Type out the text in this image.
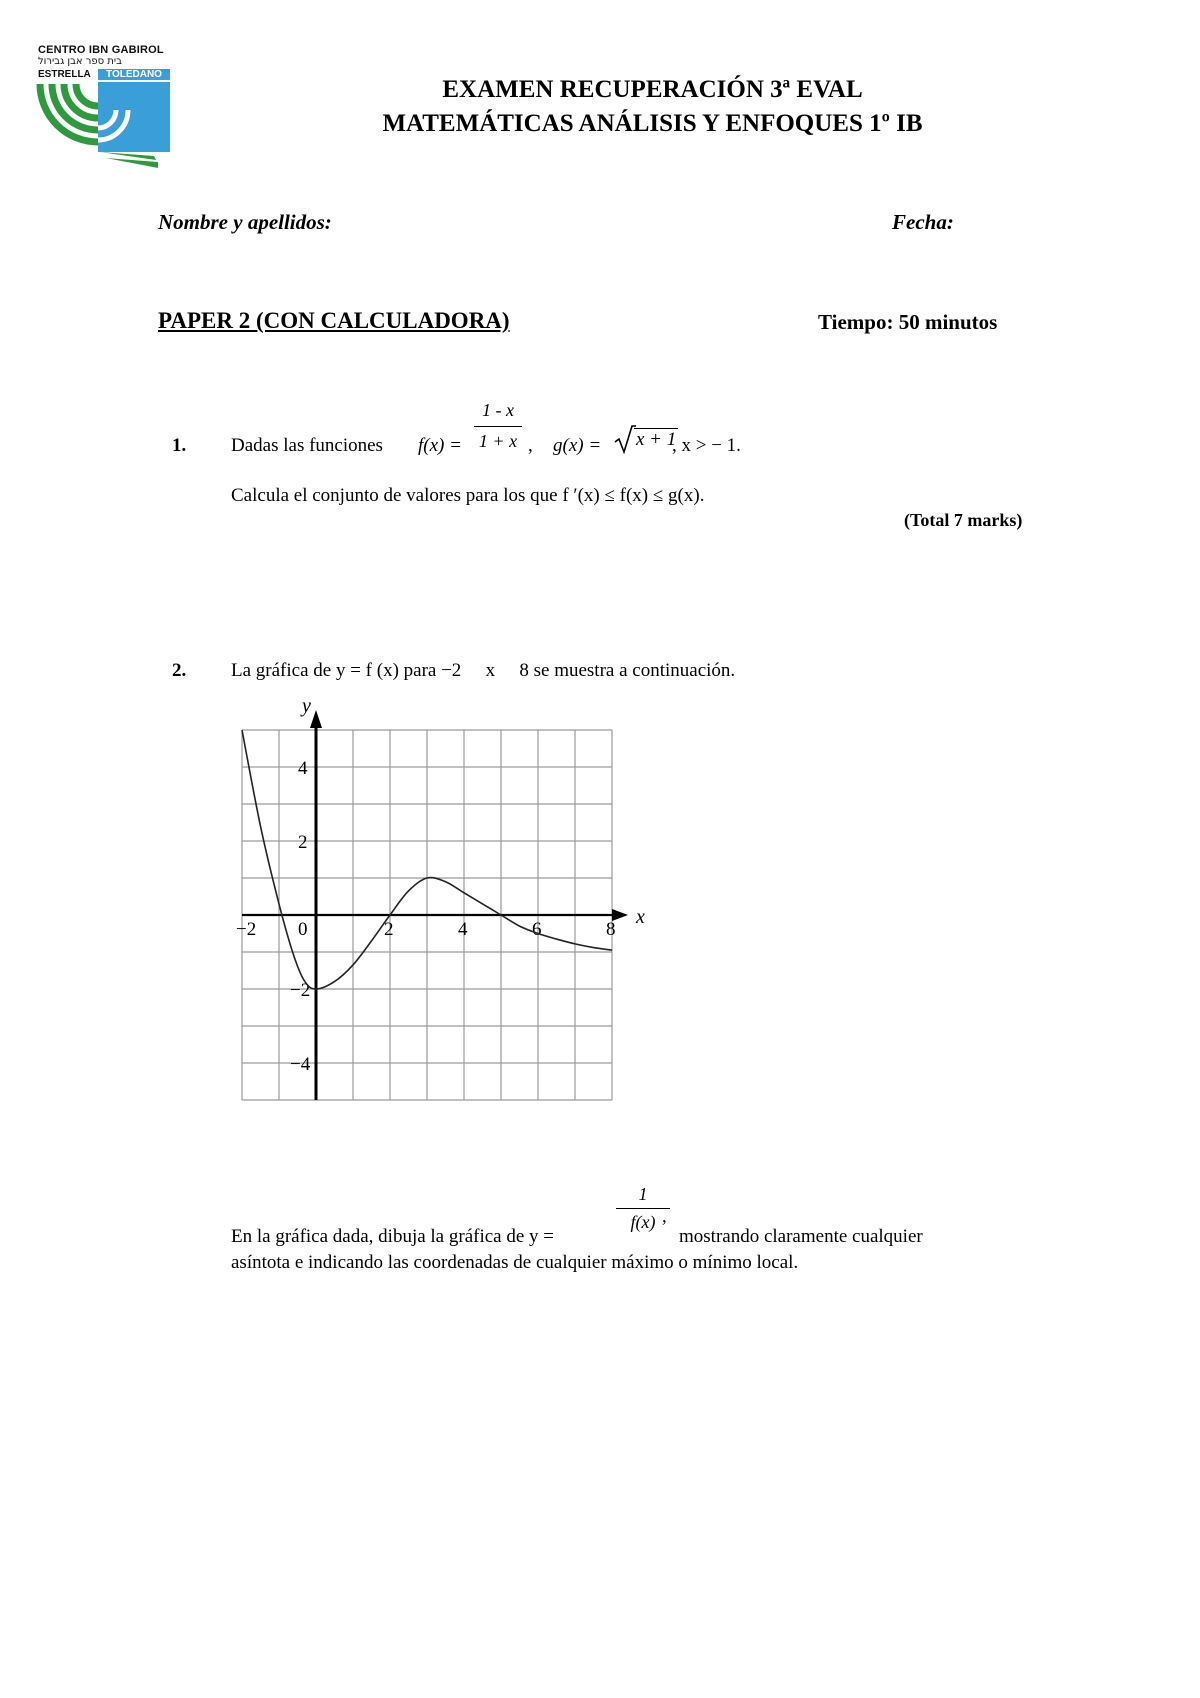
CENTRO IBN GABIROL
בית ספר אבן גבירול
ESTRELLA	TOLEDANO
EXAMEN RECUPERACIÓN 3ª EVAL
MATEMÁTICAS ANÁLISIS Y ENFOQUES 1º IB
Nombre y apellidos:	Fecha:
PAPER 2 (CON CALCULADORA)	Tiempo: 50 minutos
1. Dadas las funciones f(x) =
1 - x
1 + x , g(x) = x + 1
, x > − 1.
Calcula el conjunto de valores para los que f ′(x) ≤ f(x) ≤ g(x).
(Total 7 marks)
2. La gráfica de y = f (x) para −2   x   8 se muestra a continuación.
x
y
−2 0	2	4	6	8
4
2
−2
−4
En la gráfica dada, dibuja la gráfica de y =
1
f(x) ,
mostrando claramente cualquier
asíntota e indicando las coordenadas de cualquier máximo o mínimo local.
